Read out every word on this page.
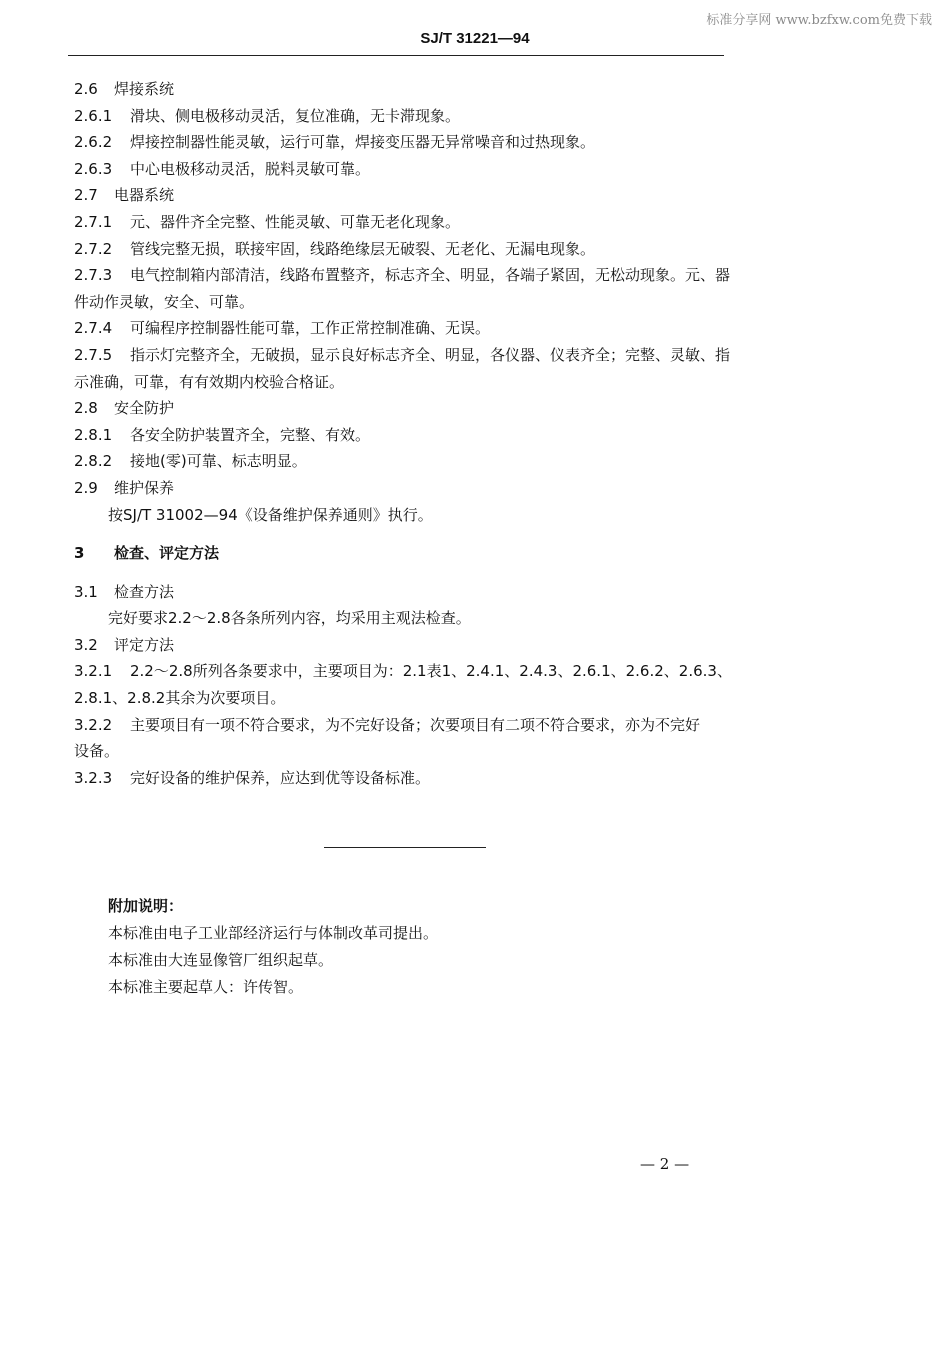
标准分享网 www.bzfxw.com免费下载
SJ/T 31221—94
2.6 焊接系统
2.6.1 滑块、侧电极移动灵活，复位准确，无卡滞现象。
2.6.2 焊接控制器性能灵敏，运行可靠，焊接变压器无异常噪音和过热现象。
2.6.3 中心电极移动灵活，脱料灵敏可靠。
2.7 电器系统
2.7.1 元、器件齐全完整、性能灵敏、可靠无老化现象。
2.7.2 管线完整无损，联接牢固，线路绝缘层无破裂、无老化、无漏电现象。
2.7.3 电气控制箱内部清洁，线路布置整齐，标志齐全、明显，各端子紧固，无松动现象。元、器
件动作灵敏，安全、可靠。
2.7.4 可编程序控制器性能可靠，工作正常控制准确、无误。
2.7.5 指示灯完整齐全，无破损，显示良好标志齐全、明显，各仪器、仪表齐全；完整、灵敏、指
示准确，可靠，有有效期内校验合格证。
2.8 安全防护
2.8.1 各安全防护装置齐全，完整、有效。
2.8.2 接地(零)可靠、标志明显。
2.9 维护保养
按SJ/T 31002—94《设备维护保养通则》执行。
3 检查、评定方法
3.1 检查方法
完好要求2.2～2.8各条所列内容，均采用主观法检查。
3.2 评定方法
3.2.1 2.2～2.8所列各条要求中，主要项目为：2.1表1、2.4.1、2.4.3、2.6.1、2.6.2、2.6.3、
2.8.1、2.8.2其余为次要项目。
3.2.2 主要项目有一项不符合要求，为不完好设备；次要项目有二项不符合要求，亦为不完好
设备。
3.2.3 完好设备的维护保养，应达到优等设备标准。
附加说明：
本标准由电子工业部经济运行与体制改革司提出。
本标准由大连显像管厂组织起草。
本标准主要起草人：许传智。
— 2 —
